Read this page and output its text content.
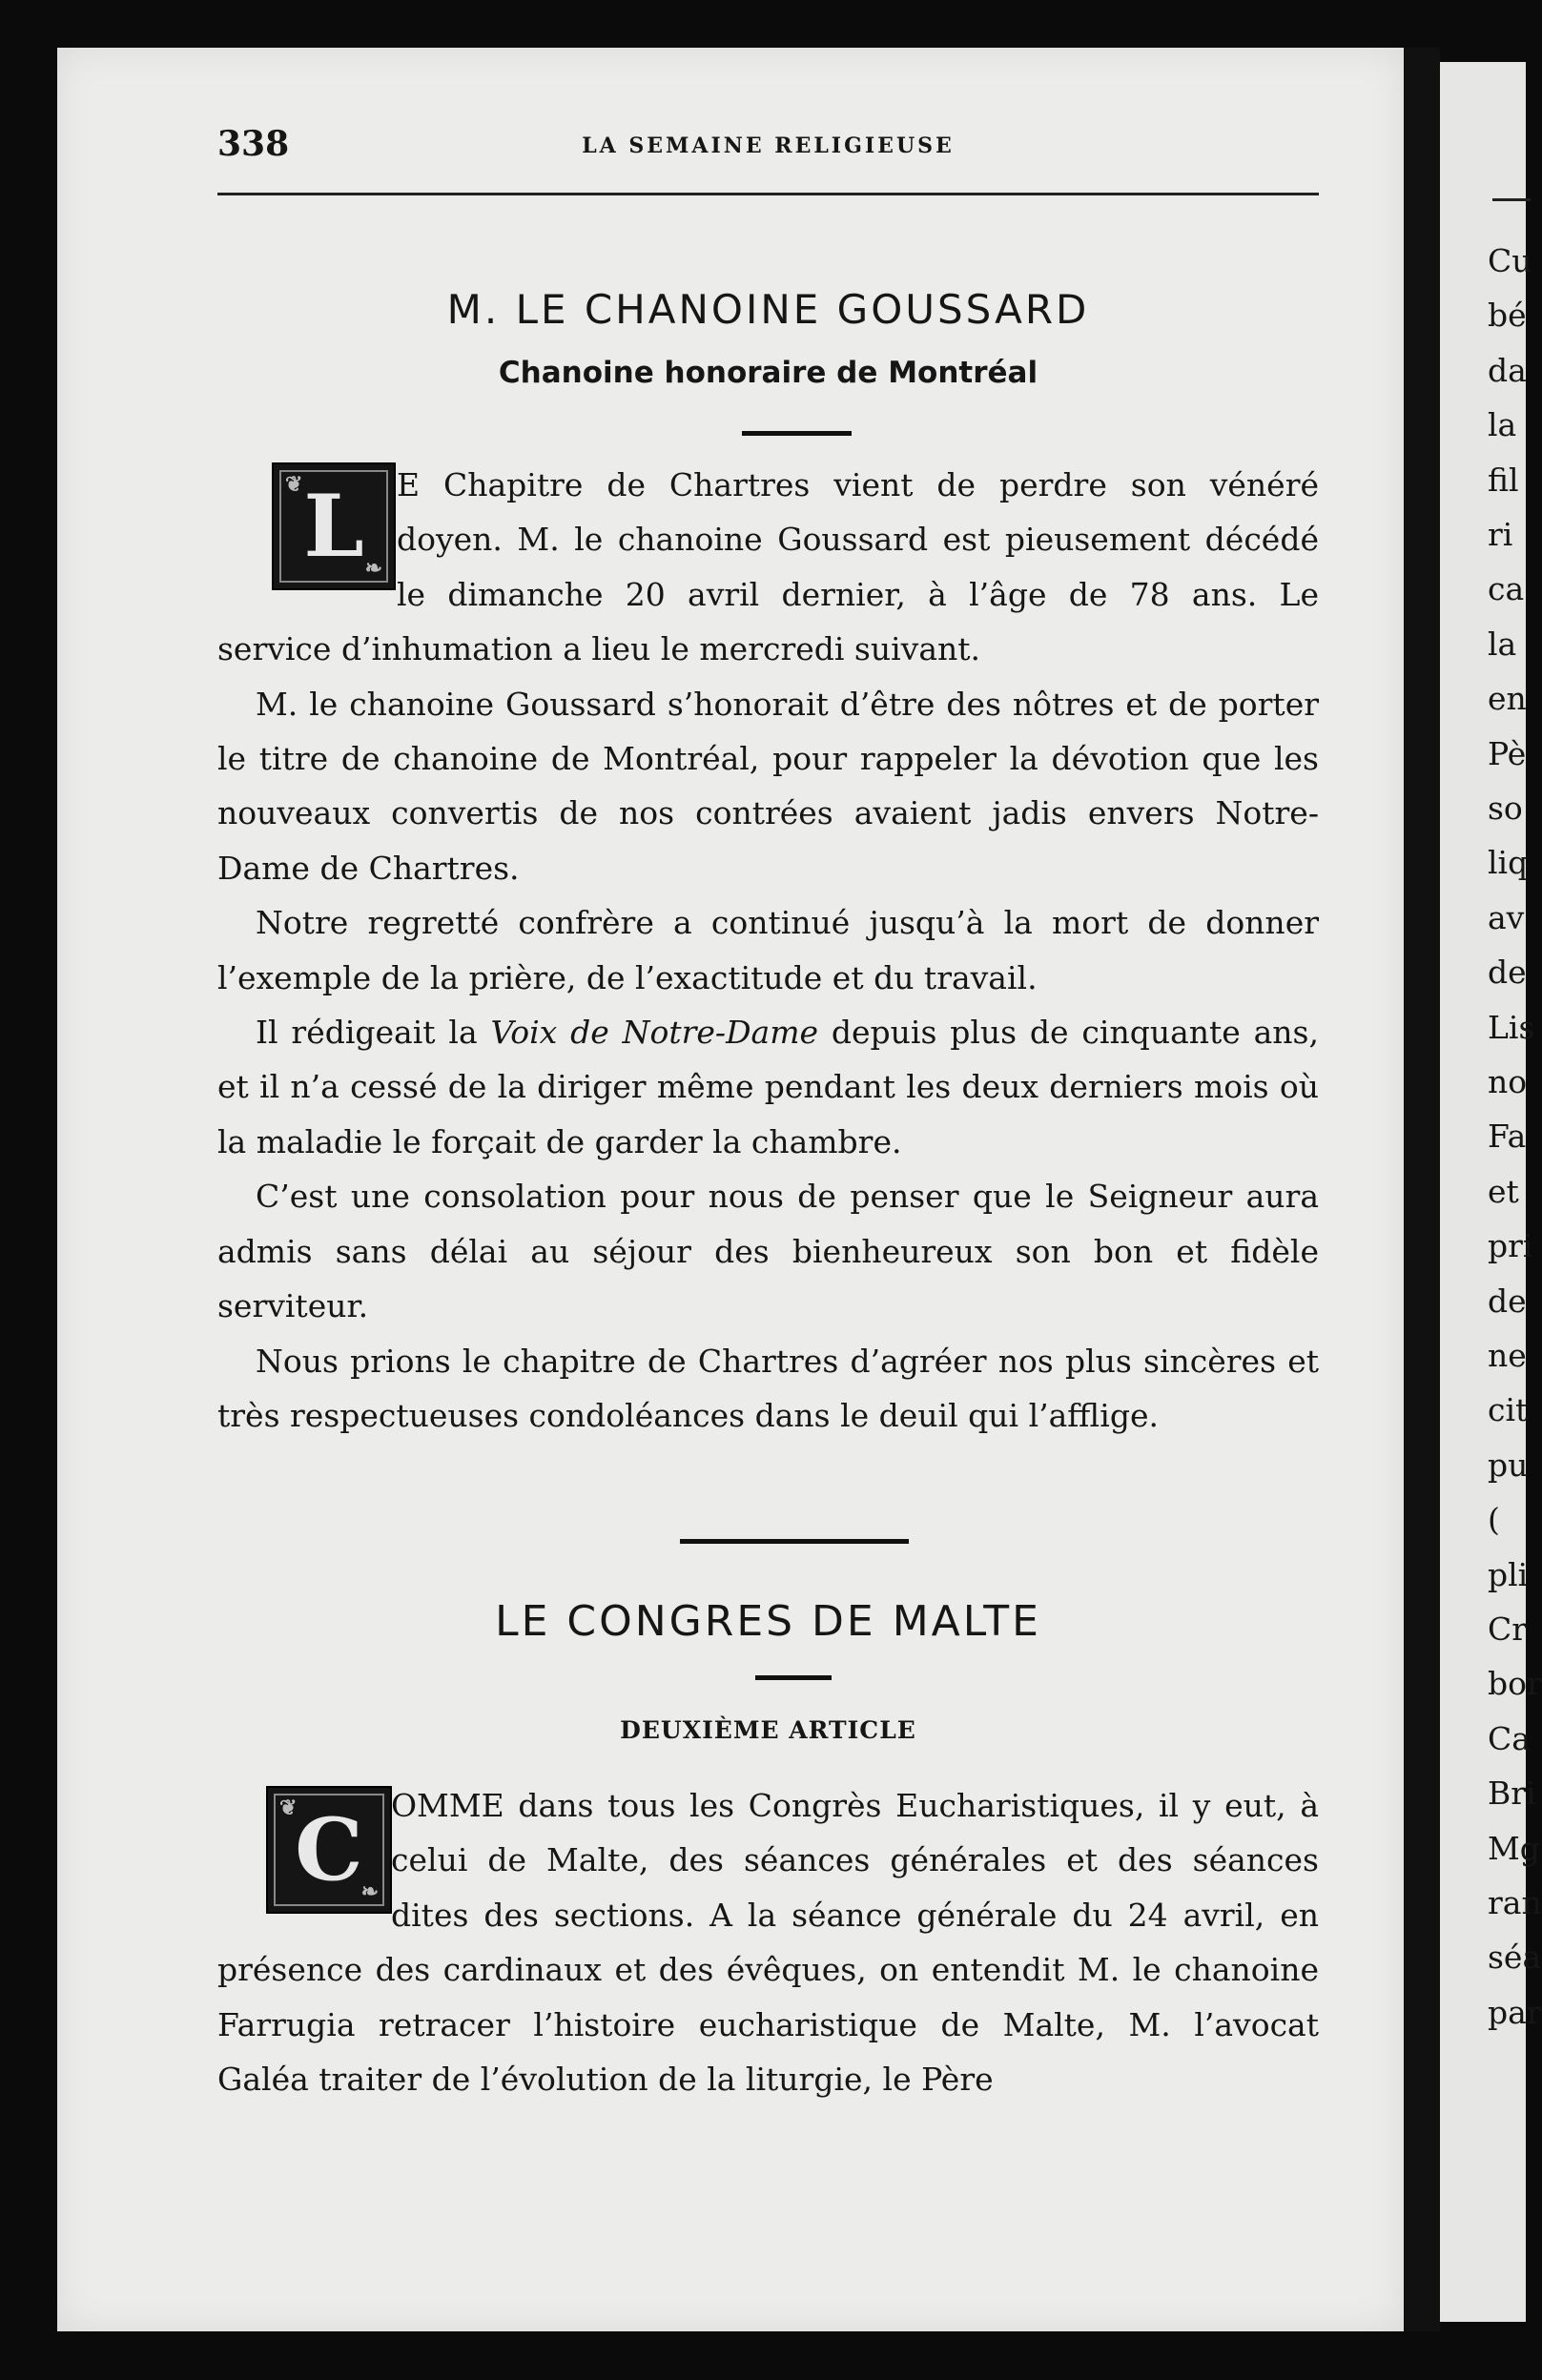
Cu
bé
da
la
fil
ri
ca
la
en
Pè
so
liq
av
de
Lis
no
Fa
et
pri
de
ne
cit
pu
(
pli
Cr
bor
Ca
Bri
Mg
ran
séa
par
338	LA SEMAINE RELIGIEUSE
M. LE CHANOINE GOUSSARD
Chanoine honoraire de Montréal
❦ L ❧

E Chapitre de Chartres vient de perdre son vénéré doyen. M. le chanoine Goussard est pieusement décédé le dimanche 20 avril dernier, à l’âge de 78 ans. Le service d’inhumation a lieu le mercredi suivant.

M. le chanoine Goussard s’honorait d’être des nôtres et de porter le titre de chanoine de Montréal, pour rappeler la dévotion que les nouveaux convertis de nos contrées avaient jadis envers Notre-Dame de Chartres.

Notre regretté confrère a continué jusqu’à la mort de donner l’exemple de la prière, de l’exactitude et du travail.

Il rédigeait la Voix de Notre-Dame depuis plus de cinquante ans, et il n’a cessé de la diriger même pendant les deux derniers mois où la maladie le forçait de garder la chambre.

C’est une consolation pour nous de penser que le Seigneur aura admis sans délai au séjour des bienheureux son bon et fidèle serviteur.

Nous prions le chapitre de Chartres d’agréer nos plus sincères et très respectueuses condoléances dans le deuil qui l’afflige.

LE CONGRES DE MALTE
DEUXIÈME ARTICLE
❦
C
❧

OMME dans tous les Congrès Eucharistiques, il y eut, à celui de Malte, des séances générales et des séances dites des sections. A la séance générale du 24 avril, en présence des cardinaux et des évêques, on entendit M. le chanoine Farrugia retracer l’histoire eucharistique de Malte, M. l’avocat Galéa traiter de l’évolution de la liturgie, le Père
